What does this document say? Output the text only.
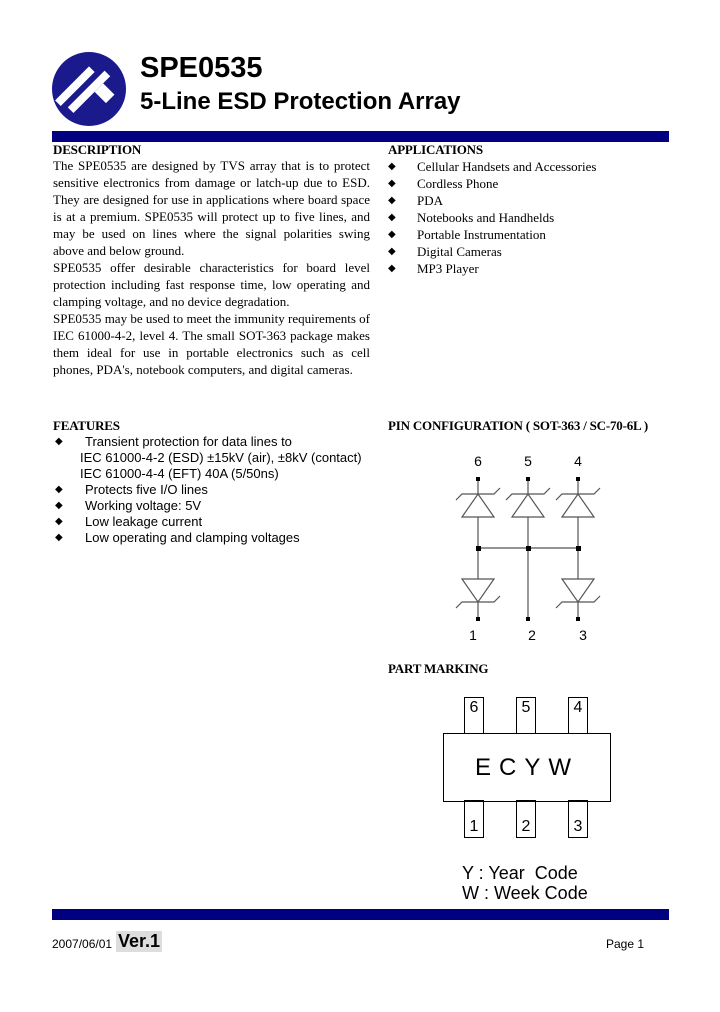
SPE0535
5-Line ESD Protection Array
DESCRIPTION

The SPE0535 are designed by TVS array that is to protect sensitive electronics from damage or latch-up due to ESD. They are designed for use in applications where board space is at a premium. SPE0535 will protect up to five lines, and may be used on lines where the signal polarities swing above and below ground.

SPE0535 offer desirable characteristics for board level protection including fast response time, low operating and clamping voltage, and no device degradation.

SPE0535 may be used to meet the immunity requirements of IEC 61000-4-2, level 4. The small SOT-363 package makes them ideal for use in portable electronics such as cell phones, PDA's, notebook computers, and digital cameras.

APPLICATIONS
◆ Cellular Handsets and Accessories
◆ Cordless Phone
◆ PDA
◆ Notebooks and Handhelds
◆ Portable Instrumentation
◆ Digital Cameras
◆ MP3 Player
FEATURES
◆ Transient protection for data lines to
IEC 61000-4-2 (ESD) ±15kV (air), ±8kV (contact)
IEC 61000-4-4 (EFT) 40A (5/50ns)
◆ Protects five I/O lines
◆ Working voltage: 5V
◆ Low leakage current
◆ Low operating and clamping voltages
PIN CONFIGURATION ( SOT-363 / SC-70-6L )
6	5	4
1	2	3
PART MARKING
6	5	4
ECYW
1	2	3
Y : Year  Code
W : Week Code
2007/06/01 Ver.1	Page 1
